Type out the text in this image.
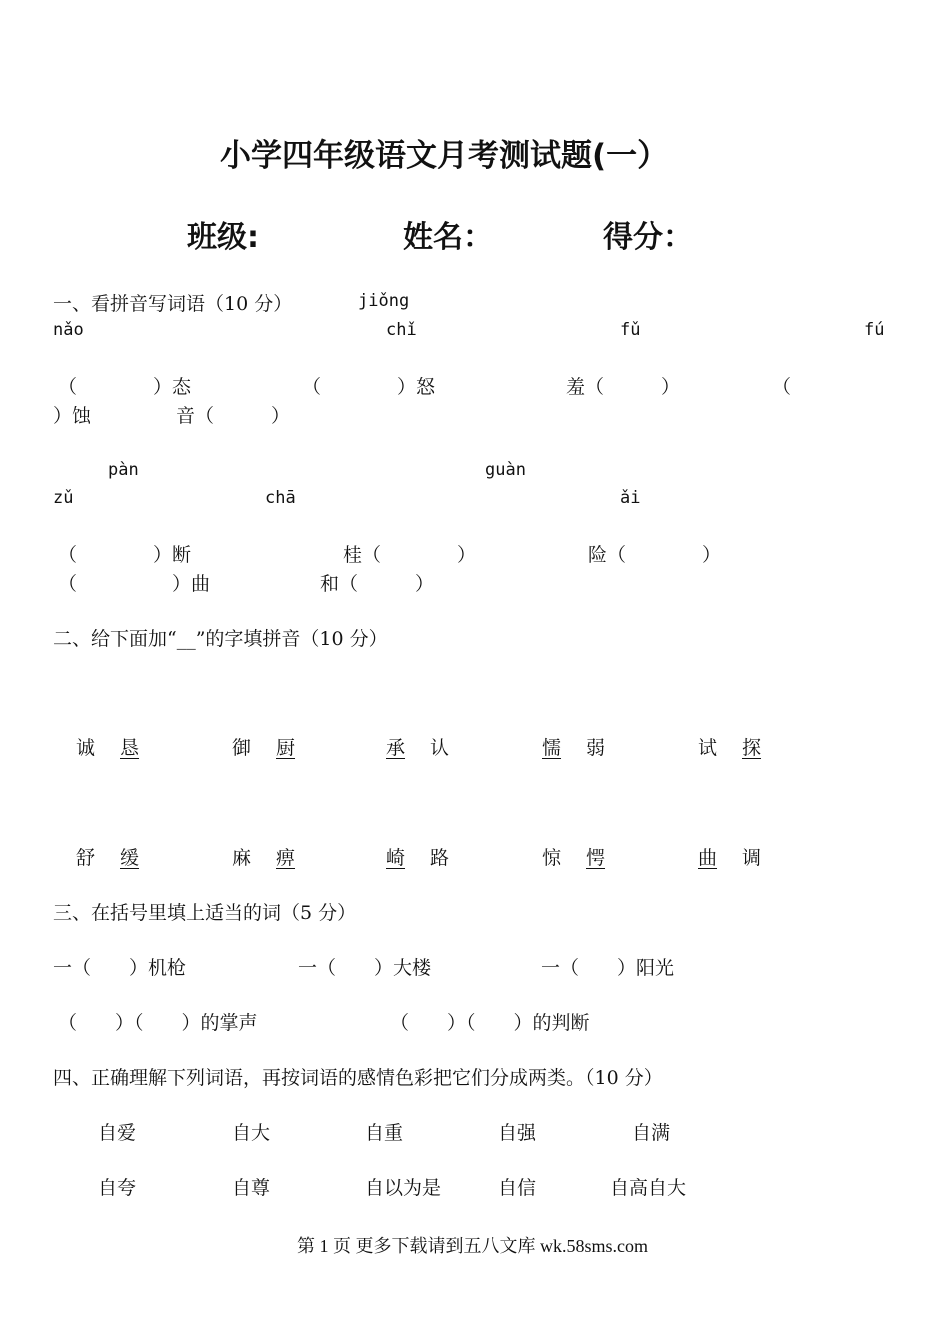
小学四年级语文月考测试题(一）
班级:	姓名：	得分：
一、看拼音写词语（10 分）	jiǒng
nǎo	chǐ	fǔ	fú
（　　　　）态	（　　　　）怒	羞（　　　）	（
）蚀	音（　　　）
pàn	guàn
zǔ	chā	ǎi
（　　　　）断	桂（　　　　）	险（　　　　）
（　　　　　）曲	和（　　　）
二、给下面加“__”的字填拼音（10 分）
诚 恳	御 厨	承 认	懦 弱	试 探
舒 缓	麻 痹	崎 路	惊 愕	曲 调
三、在括号里填上适当的词（5 分）
一（　　）机枪	一（　　）大楼	一（　　）阳光
（　　）（　　）的掌声	（　　）（　　）的判断
四、正确理解下列词语，再按词语的感情色彩把它们分成两类。（10 分）
自爱	自大	自重	自强	自满
自夸	自尊	自以为是	自信	自高自大
第 1 页 更多下载请到五八文库 wk.58sms.com
